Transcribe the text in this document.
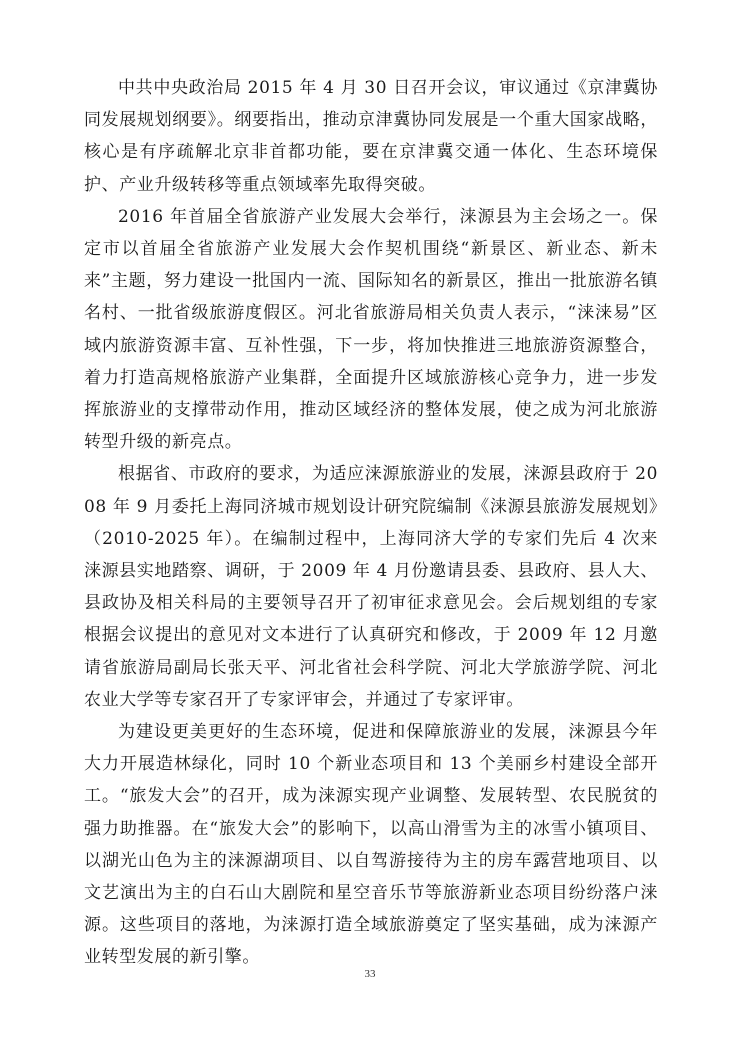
中共中央政治局 2015 年 4 月 30 日召开会议，审议通过《京津冀协同发展规划纲要》。纲要指出，推动京津冀协同发展是一个重大国家战略，核心是有序疏解北京非首都功能，要在京津冀交通一体化、生态环境保护、产业升级转移等重点领域率先取得突破。

2016 年首届全省旅游产业发展大会举行，涞源县为主会场之一。保定市以首届全省旅游产业发展大会作契机围绕“新景区、新业态、新未来”主题，努力建设一批国内一流、国际知名的新景区，推出一批旅游名镇名村、一批省级旅游度假区。河北省旅游局相关负责人表示，“涞涞易”区域内旅游资源丰富、互补性强，下一步，将加快推进三地旅游资源整合，着力打造高规格旅游产业集群，全面提升区域旅游核心竞争力，进一步发挥旅游业的支撑带动作用，推动区域经济的整体发展，使之成为河北旅游转型升级的新亮点。

根据省、市政府的要求，为适应涞源旅游业的发展，涞源县政府于 2008 年 9 月委托上海同济城市规划设计研究院编制《涞源县旅游发展规划》（2010-2025 年）。在编制过程中，上海同济大学的专家们先后 4 次来涞源县实地踏察、调研，于 2009 年 4 月份邀请县委、县政府、县人大、县政协及相关科局的主要领导召开了初审征求意见会。会后规划组的专家根据会议提出的意见对文本进行了认真研究和修改，于 2009 年 12 月邀请省旅游局副局长张天平、河北省社会科学院、河北大学旅游学院、河北农业大学等专家召开了专家评审会，并通过了专家评审。

为建设更美更好的生态环境，促进和保障旅游业的发展，涞源县今年大力开展造林绿化，同时 10 个新业态项目和 13 个美丽乡村建设全部开工。“旅发大会”的召开，成为涞源实现产业调整、发展转型、农民脱贫的强力助推器。在“旅发大会”的影响下，以高山滑雪为主的冰雪小镇项目、以湖光山色为主的涞源湖项目、以自驾游接待为主的房车露营地项目、以文艺演出为主的白石山大剧院和星空音乐节等旅游新业态项目纷纷落户涞源。这些项目的落地，为涞源打造全域旅游奠定了坚实基础，成为涞源产业转型发展的新引擎。

33
